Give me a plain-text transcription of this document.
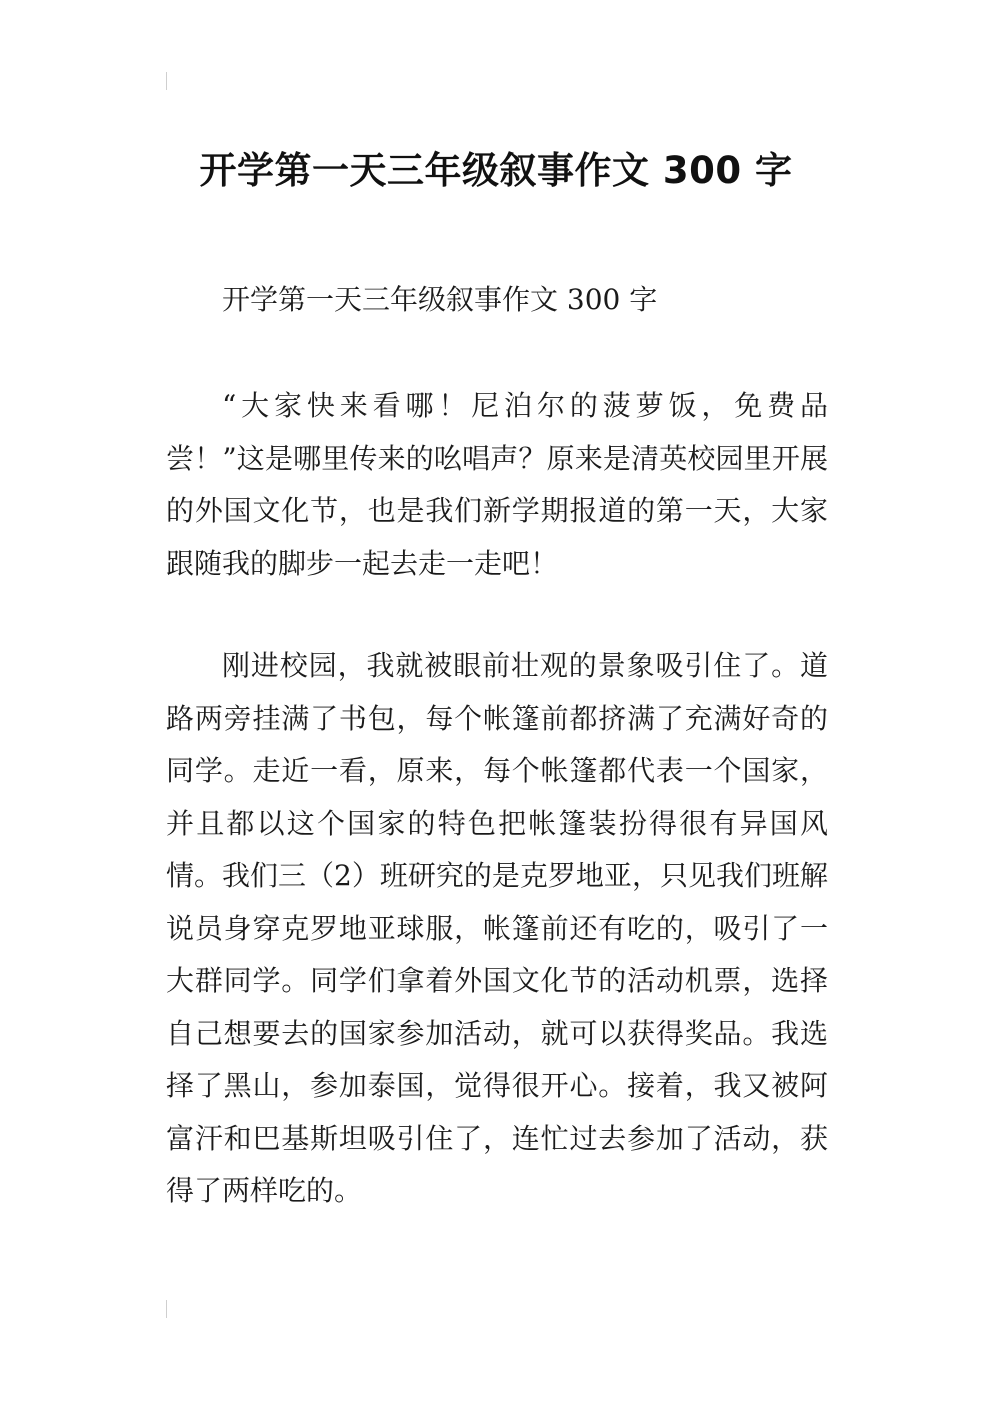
开学第一天三年级叙事作文 300 字

开学第一天三年级叙事作文 300 字

“大家快来看哪！尼泊尔的菠萝饭，免费品尝！”这是哪里传来的吆唱声？原来是清英校园里开展的外国文化节，也是我们新学期报道的第一天，大家跟随我的脚步一起去走一走吧！

刚进校园，我就被眼前壮观的景象吸引住了。道路两旁挂满了书包，每个帐篷前都挤满了充满好奇的同学。走近一看，原来，每个帐篷都代表一个国家，并且都以这个国家的特色把帐篷装扮得很有异国风情。我们三（2）班研究的是克罗地亚，只见我们班解说员身穿克罗地亚球服，帐篷前还有吃的，吸引了一大群同学。同学们拿着外国文化节的活动机票，选择自己想要去的国家参加活动，就可以获得奖品。我选择了黑山，参加泰国，觉得很开心。接着，我又被阿富汗和巴基斯坦吸引住了，连忙过去参加了活动，获得了两样吃的。
